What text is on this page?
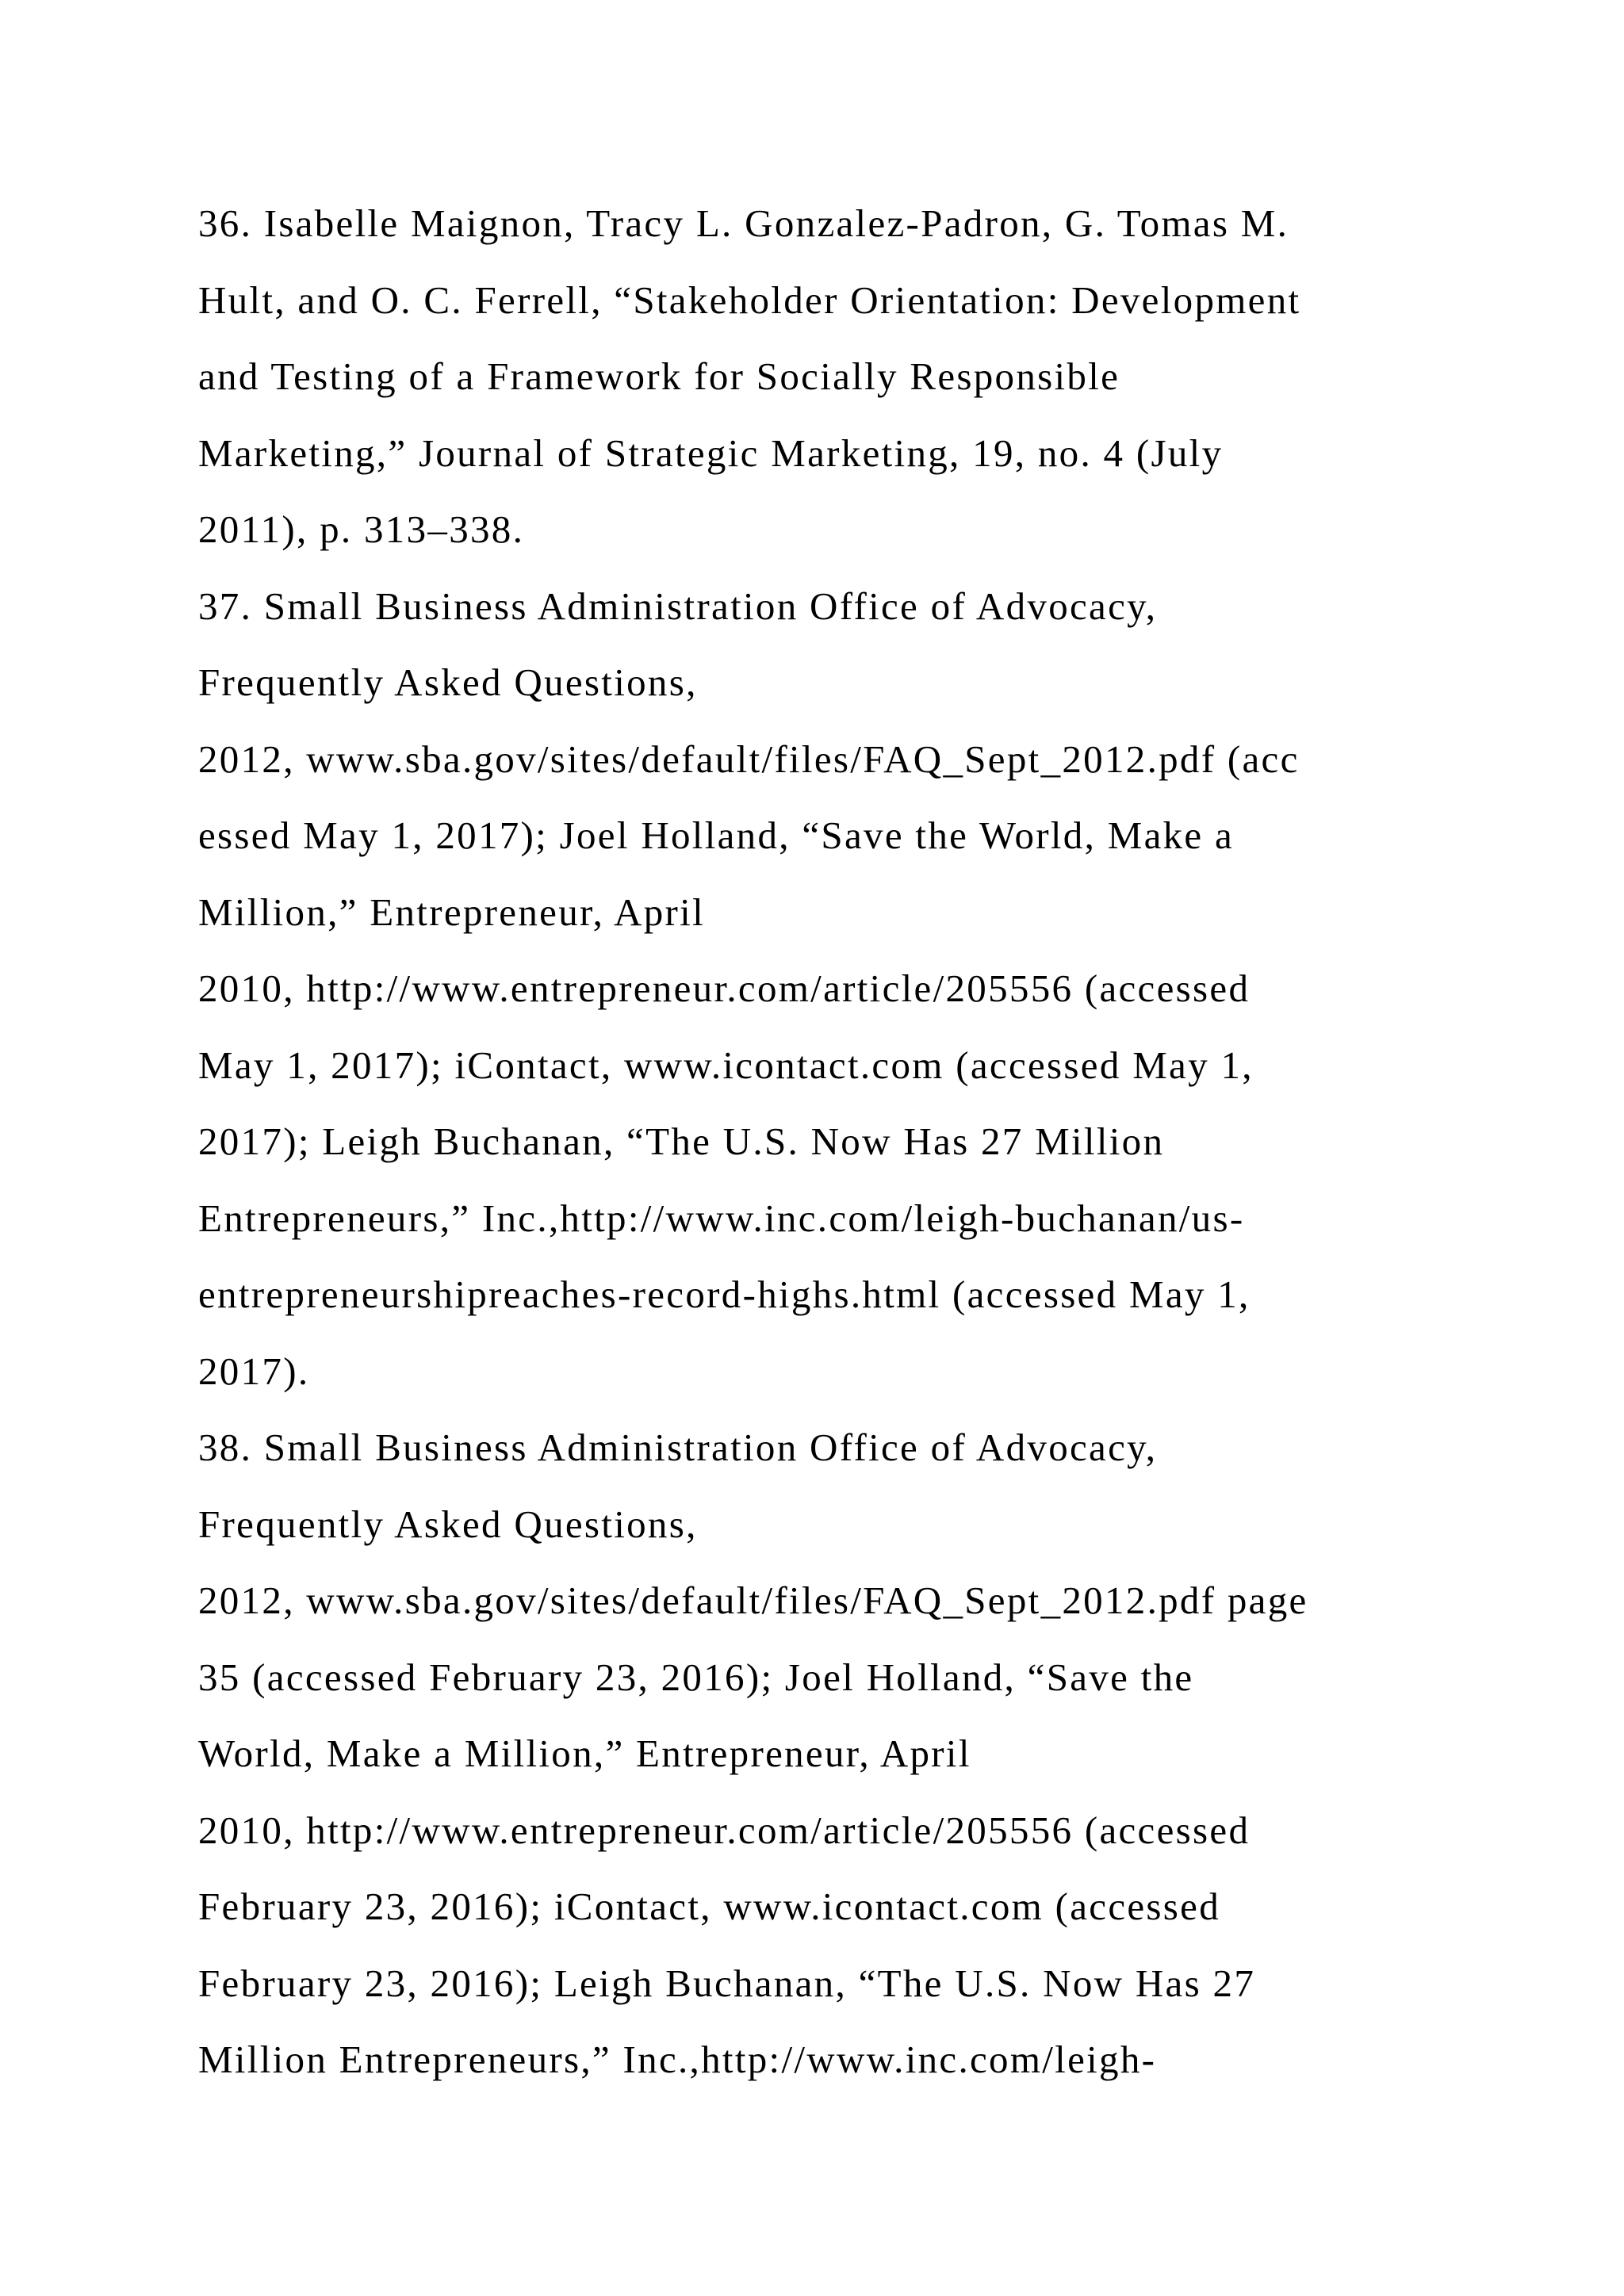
36. Isabelle Maignon, Tracy L. Gonzalez-Padron, G. Tomas M.
Hult, and O. C. Ferrell, “Stakeholder Orientation: Development
and Testing of a Framework for Socially Responsible
Marketing,” Journal of Strategic Marketing, 19, no. 4 (July
2011), p. 313–338.
37. Small Business Administration Office of Advocacy,
Frequently Asked Questions,
2012, www.sba.gov/sites/default/files/FAQ_Sept_2012.pdf (acc
essed May 1, 2017); Joel Holland, “Save the World, Make a
Million,” Entrepreneur, April
2010, http://www.entrepreneur.com/article/205556 (accessed
May 1, 2017); iContact, www.icontact.com (accessed May 1,
2017); Leigh Buchanan, “The U.S. Now Has 27 Million
Entrepreneurs,” Inc.,http://www.inc.com/leigh-buchanan/us-
entrepreneurshipreaches-record-highs.html (accessed May 1,
2017).
38. Small Business Administration Office of Advocacy,
Frequently Asked Questions,
2012, www.sba.gov/sites/default/files/FAQ_Sept_2012.pdf page
35 (accessed February 23, 2016); Joel Holland, “Save the
World, Make a Million,” Entrepreneur, April
2010, http://www.entrepreneur.com/article/205556 (accessed
February 23, 2016); iContact, www.icontact.com (accessed
February 23, 2016); Leigh Buchanan, “The U.S. Now Has 27
Million Entrepreneurs,” Inc.,http://www.inc.com/leigh-
